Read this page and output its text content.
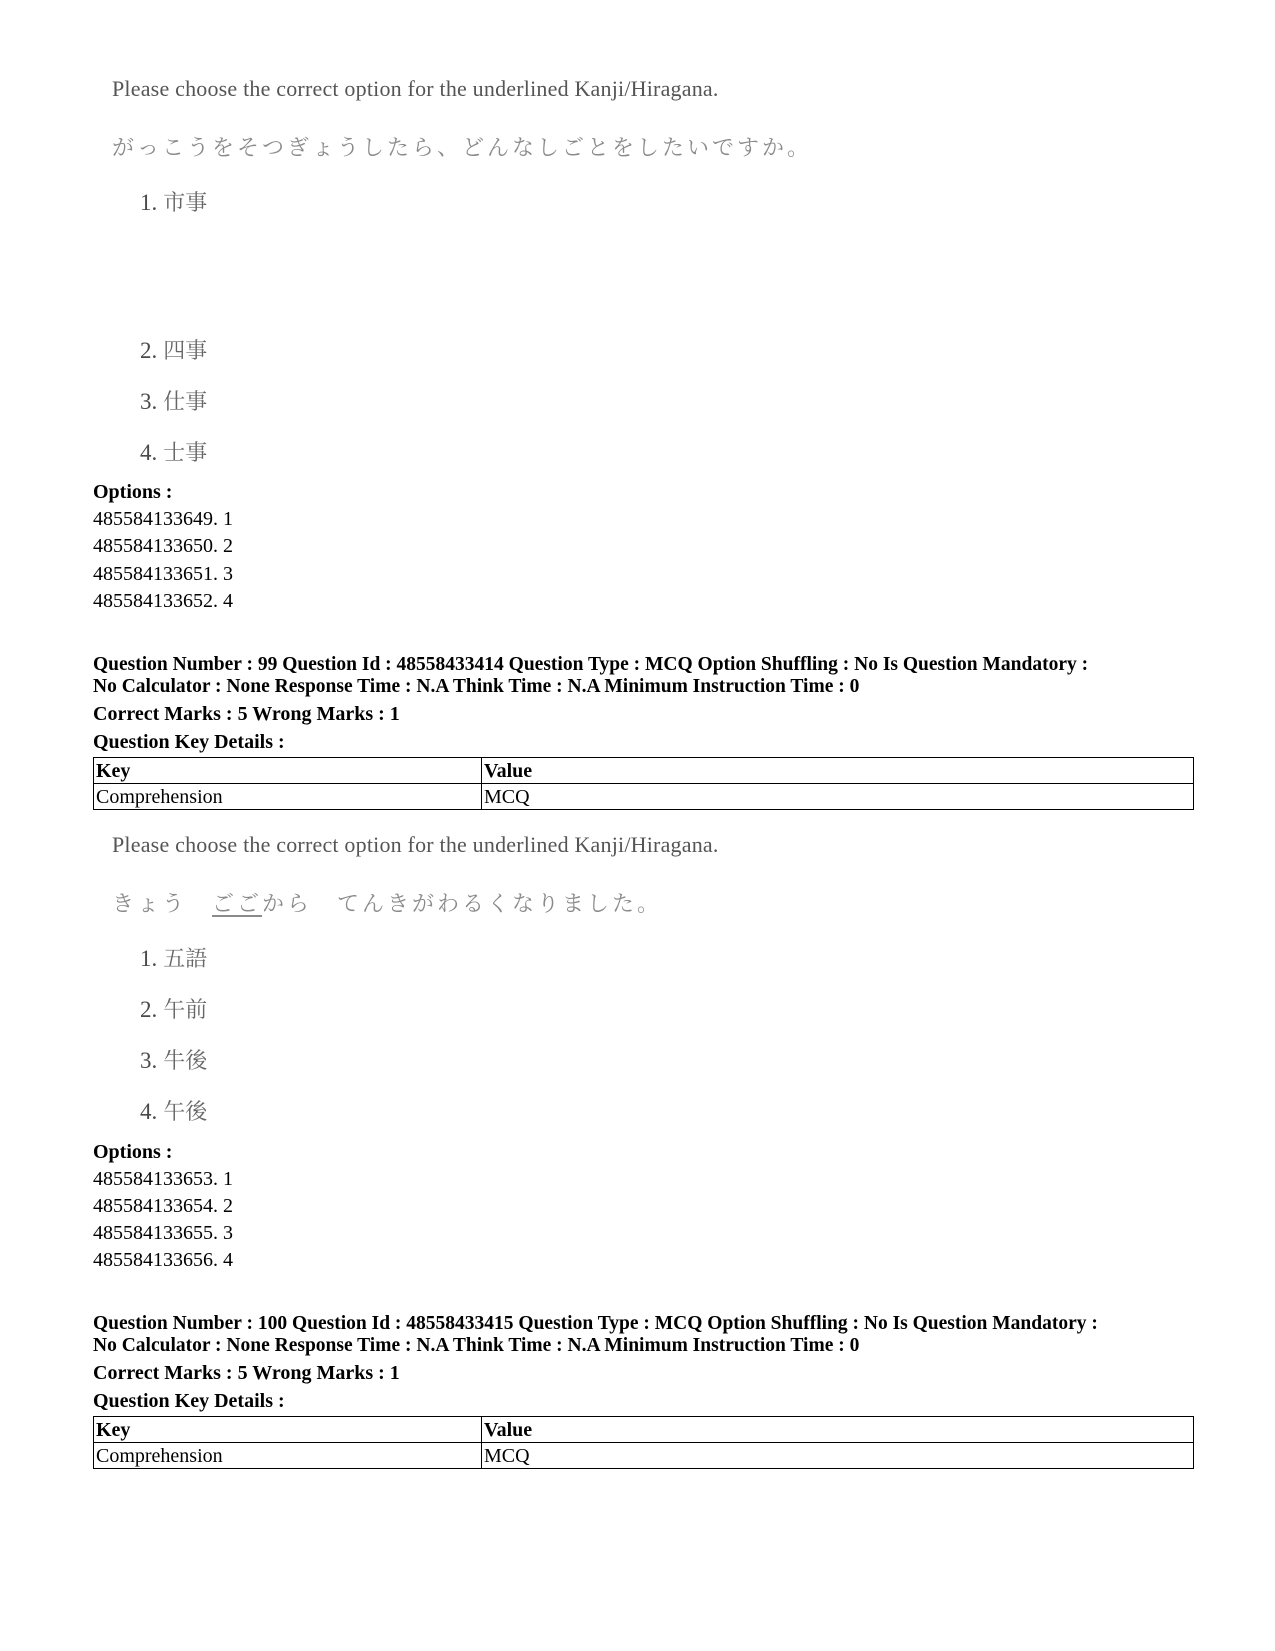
Please choose the correct option for the underlined Kanji/Hiragana.
がっこうをそつぎょうしたら、どんなしごとをしたいですか。
1. 市事
2. 四事
3. 仕事
4. 士事
Options :
485584133649. 1
485584133650. 2
485584133651. 3
485584133652. 4
Question Number : 99 Question Id : 48558433414 Question Type : MCQ Option Shuffling : No Is Question Mandatory :
No Calculator : None Response Time : N.A Think Time : N.A Minimum Instruction Time : 0
Correct Marks : 5 Wrong Marks : 1
Question Key Details :
Key	Value
Comprehension	MCQ
Please choose the correct option for the underlined Kanji/Hiragana.
きょう　ごごから　てんきがわるくなりました。
1. 五語
2. 午前
3. 牛後
4. 午後
Options :
485584133653. 1
485584133654. 2
485584133655. 3
485584133656. 4
Question Number : 100 Question Id : 48558433415 Question Type : MCQ Option Shuffling : No Is Question Mandatory :
No Calculator : None Response Time : N.A Think Time : N.A Minimum Instruction Time : 0
Correct Marks : 5 Wrong Marks : 1
Question Key Details :
Key	Value
Comprehension	MCQ
